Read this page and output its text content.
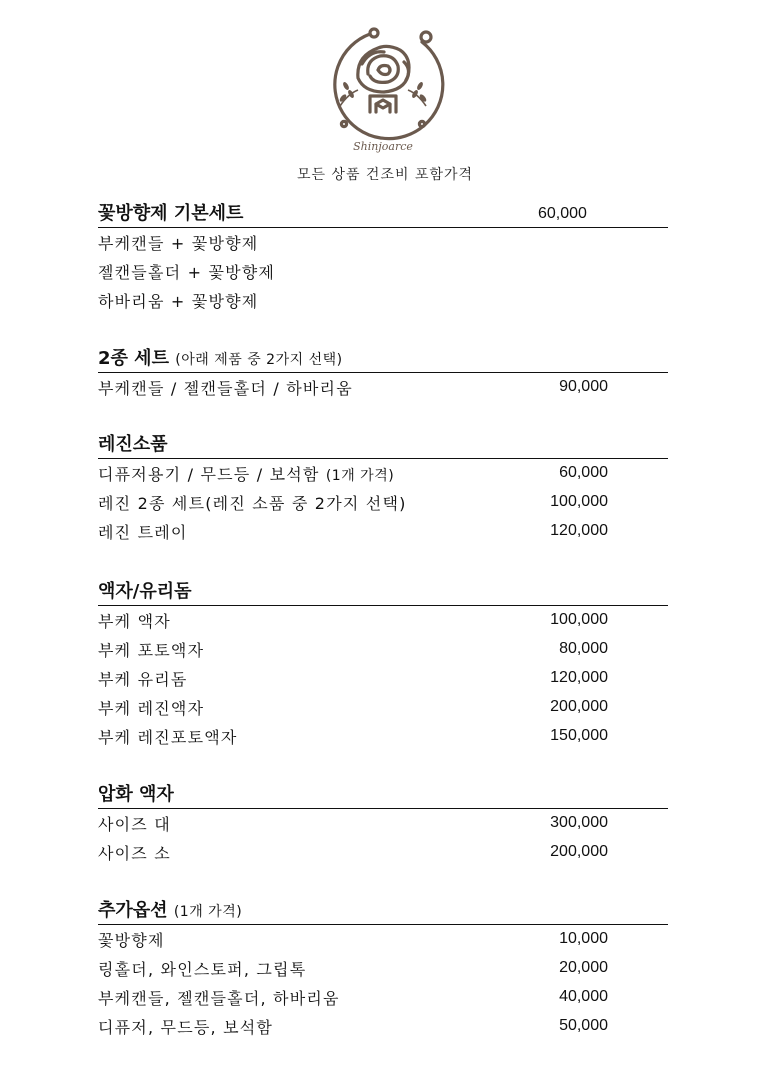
Shinjoarce
모든 상품 건조비 포함가격
꽃방향제 기본세트	60,000
부케캔들 + 꽃방향제
젤캔들홀더 + 꽃방향제
하바리움 + 꽃방향제
2종 세트 (아래 제품 중 2가지 선택)
부케캔들 / 젤캔들홀더 / 하바리움	90,000
레진소품
디퓨저용기 / 무드등 / 보석함 (1개 가격)	60,000
레진 2종 세트(레진 소품 중 2가지 선택)	100,000
레진 트레이	120,000
액자/유리돔
부케 액자	100,000
부케 포토액자	80,000
부케 유리돔	120,000
부케 레진액자	200,000
부케 레진포토액자	150,000
압화 액자
사이즈 대	300,000
사이즈 소	200,000
추가옵션 (1개 가격)
꽃방향제	10,000
링홀더, 와인스토퍼, 그립톡	20,000
부케캔들, 젤캔들홀더, 하바리움	40,000
디퓨저, 무드등, 보석함	50,000
